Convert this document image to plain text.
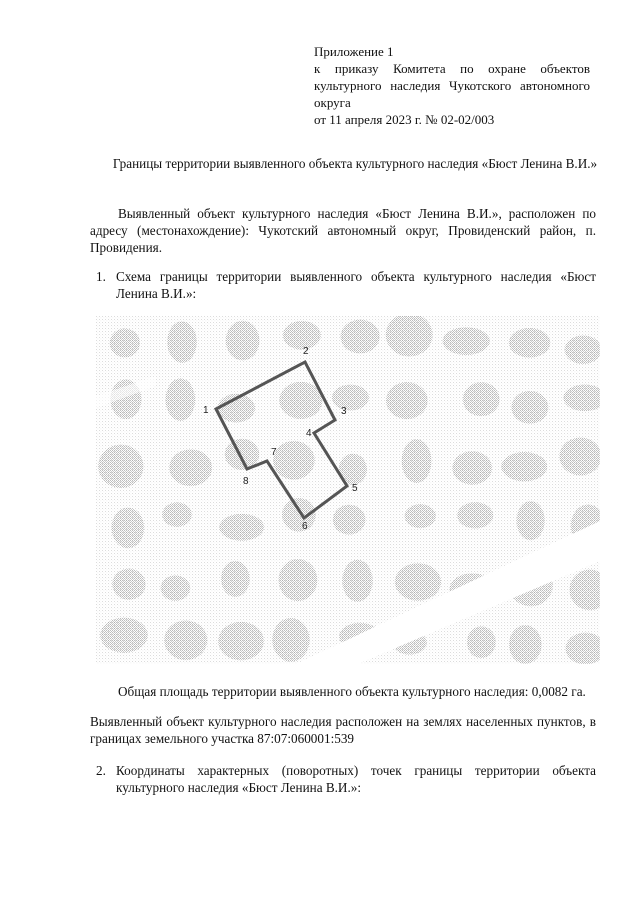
Приложение 1
к приказу Комитета по охране объектов
культурного наследия Чукотского автономного
округа
от 11 апреля 2023 г. № 02-02/003
Границы территории выявленного объекта культурного наследия «Бюст Ленина В.И.»
Выявленный объект культурного наследия «Бюст Ленина В.И.», расположен по адресу (местонахождение): Чукотский автономный округ, Провиденский район, п. Провидения.
1. Схема границы территории выявленного объекта культурного наследия «Бюст Ленина В.И.»:
1
2
3
4
5
6
7
8
Общая площадь территории выявленного объекта культурного наследия: 0,0082 га.
Выявленный объект культурного наследия расположен на землях населенных пунктов, в границах земельного участка 87:07:060001:539
2. Координаты характерных (поворотных) точек границы территории объекта культурного наследия «Бюст Ленина В.И.»:
